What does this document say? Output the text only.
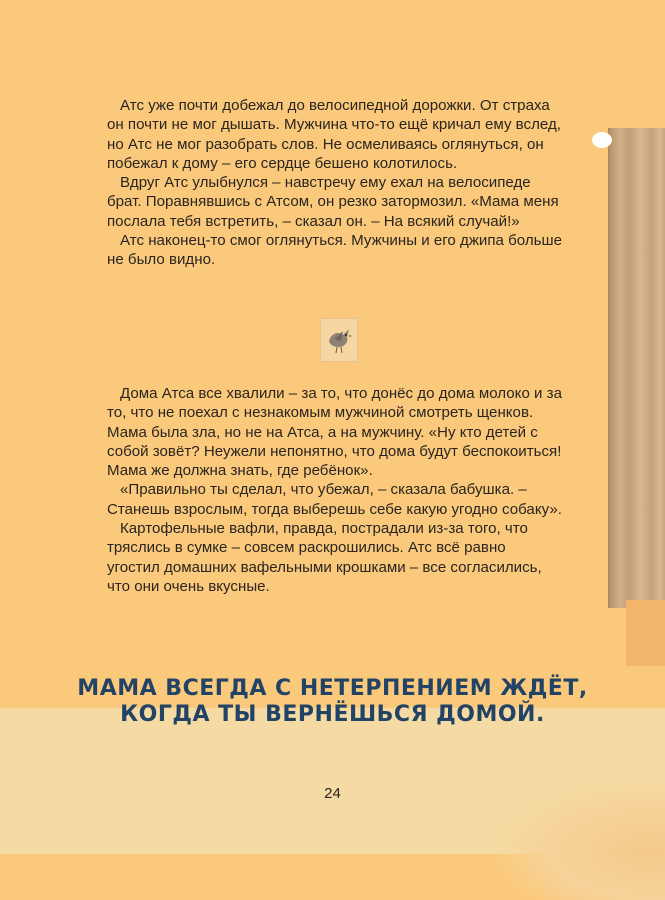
Атс уже почти добежал до велосипедной дорожки. От страха он почти не мог дышать. Мужчина что-то ещё кричал ему вслед, но Атс не мог разобрать слов. Не осмеливаясь оглянуться, он побежал к дому – его сердце бешено колотилось.

Вдруг Атс улыбнулся – навстречу ему ехал на велосипеде брат. Поравнявшись с Атсом, он резко затормозил. «Мама меня послала тебя встретить, – сказал он. – На всякий случай!»

Атс наконец-то смог оглянуться. Мужчины и его джипа больше не было видно.

Дома Атса все хвалили – за то, что донёс до дома молоко и за то, что не поехал с незнакомым мужчиной смотреть щенков. Мама была зла, но не на Атса, а на мужчину. «Ну кто детей с собой зовёт? Неужели непонятно, что дома будут беспокоиться! Мама же должна знать, где ребёнок».

«Правильно ты сделал, что убежал, – сказала бабушка. – Станешь взрослым, тогда выберешь себе какую угодно собаку».

Картофельные вафли, правда, пострадали из-за того, что тряслись в сумке – совсем раскрошились. Атс всё равно угостил домашних вафельными крошками – все согласились, что они очень вкусные.

МАМА ВСЕГДА С НЕТЕРПЕНИЕМ ЖДЁТ,
КОГДА ТЫ ВЕРНЁШЬСЯ ДОМОЙ.
24
